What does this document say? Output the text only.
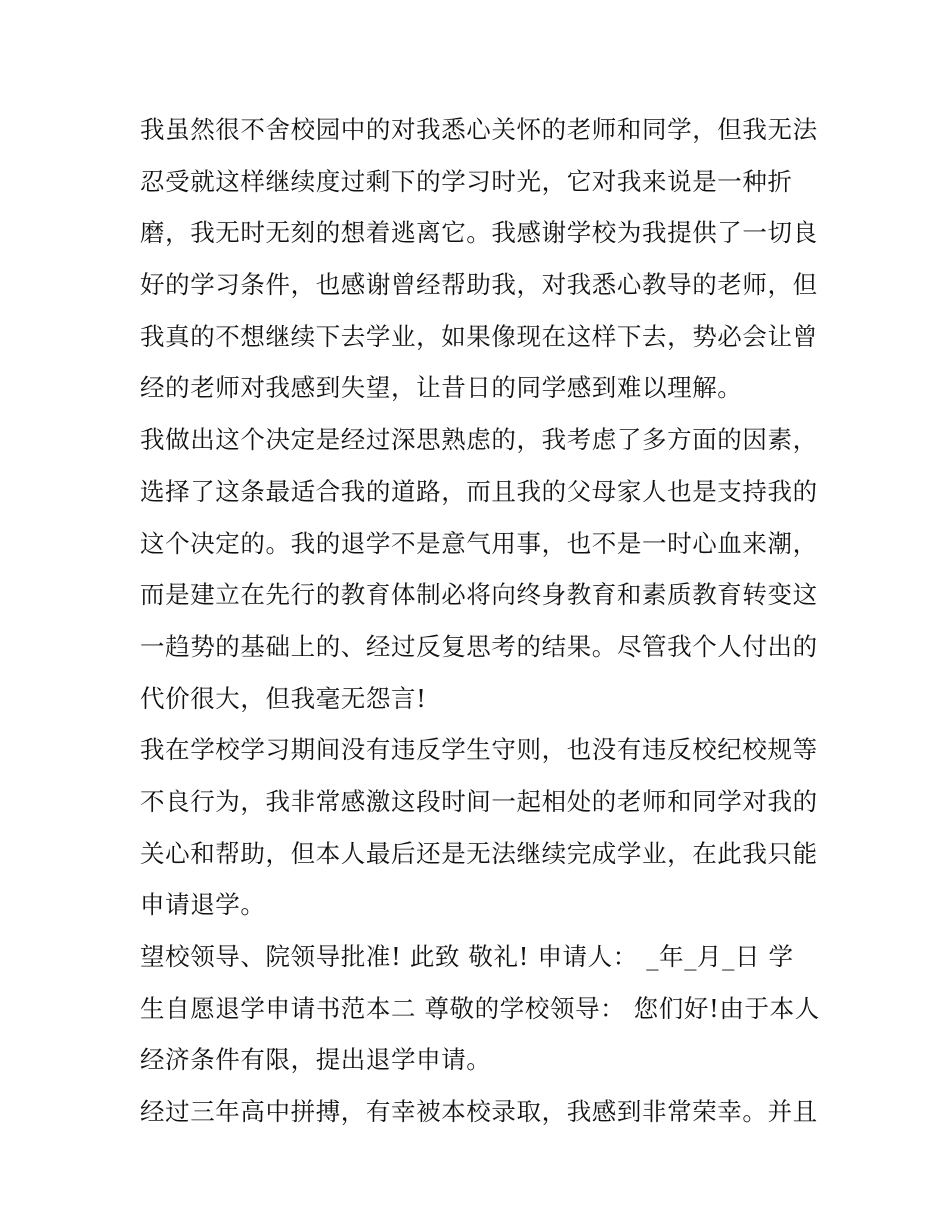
我虽然很不舍校园中的对我悉心关怀的老师和同学，但我无法
忍受就这样继续度过剩下的学习时光，它对我来说是一种折
磨，我无时无刻的想着逃离它。我感谢学校为我提供了一切良
好的学习条件，也感谢曾经帮助我，对我悉心教导的老师，但
我真的不想继续下去学业，如果像现在这样下去，势必会让曾
经的老师对我感到失望，让昔日的同学感到难以理解。
我做出这个决定是经过深思熟虑的，我考虑了多方面的因素，
选择了这条最适合我的道路，而且我的父母家人也是支持我的
这个决定的。我的退学不是意气用事，也不是一时心血来潮，
而是建立在先行的教育体制必将向终身教育和素质教育转变这
一趋势的基础上的、经过反复思考的结果。尽管我个人付出的
代价很大，但我毫无怨言!
我在学校学习期间没有违反学生守则，也没有违反校纪校规等
不良行为，我非常感激这段时间一起相处的老师和同学对我的
关心和帮助，但本人最后还是无法继续完成学业，在此我只能
申请退学。
望校领导、院领导批准! 此致 敬礼! 申请人： _年_月_日 学
生自愿退学申请书范本二 尊敬的学校领导： 您们好!由于本人
经济条件有限，提出退学申请。
经过三年高中拼搏，有幸被本校录取，我感到非常荣幸。并且
